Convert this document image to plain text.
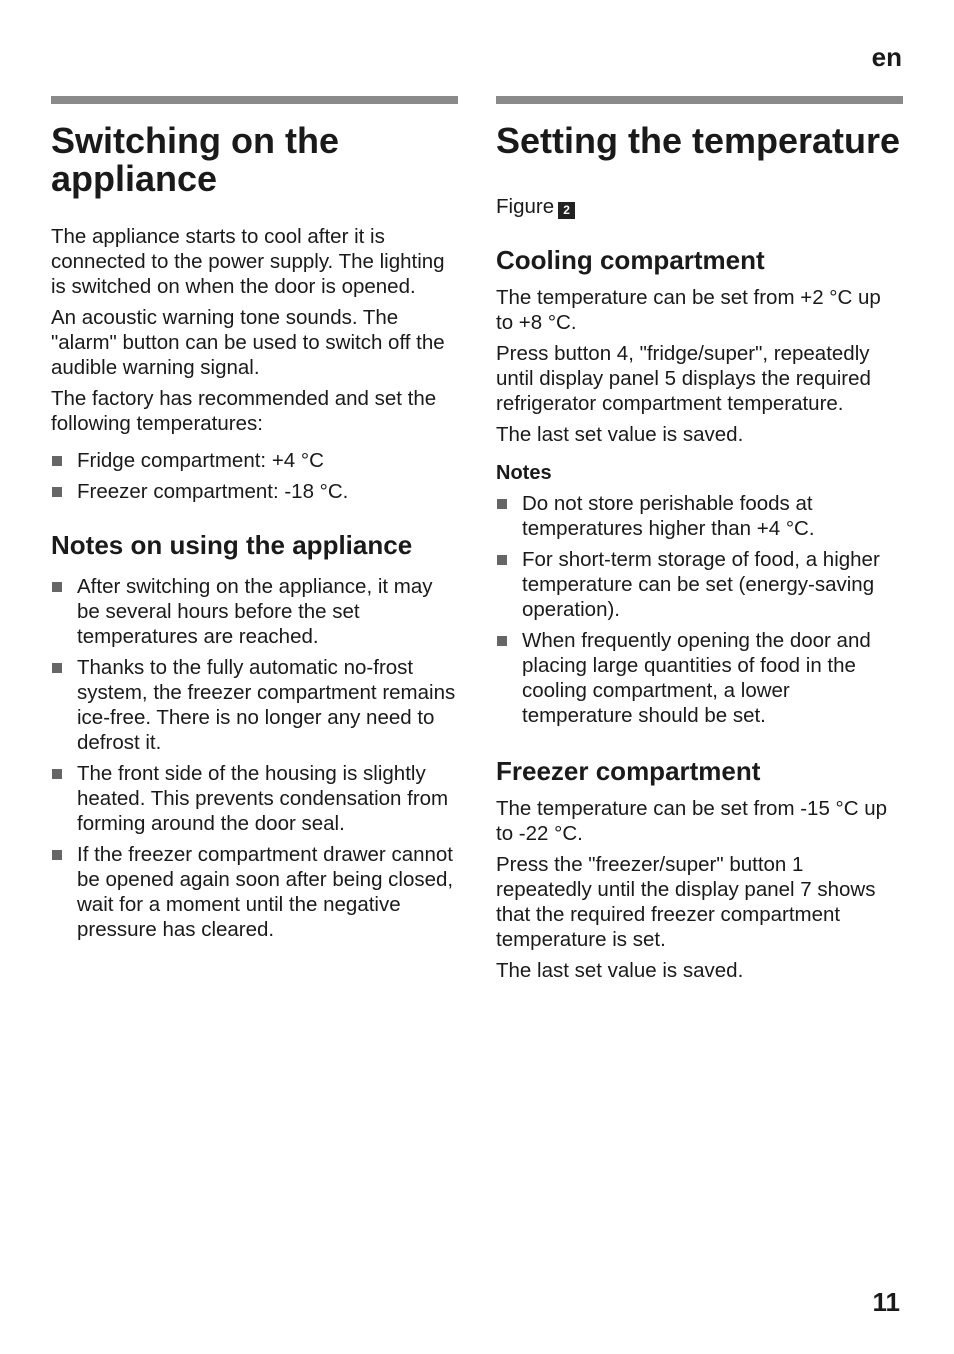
en
Switching on the appliance

The appliance starts to cool after it is connected to the power supply. The lighting is switched on when the door is opened.

An acoustic warning tone sounds. The "alarm" button can be used to switch off the audible warning signal.

The factory has recommended and set the following temperatures:

Fridge compartment: +4 °C
Freezer compartment: -18 °C.
Notes on using the appliance
After switching on the appliance, it may be several hours before the set temperatures are reached.
Thanks to the fully automatic no-frost system, the freezer compartment remains ice-free. There is no longer any need to defrost it.
The front side of the housing is slightly heated. This prevents condensation from forming around the door seal.
If the freezer compartment drawer cannot be opened again soon after being closed, wait for a moment until the negative pressure has cleared.
Setting the temperature

Figure 2

Cooling compartment

The temperature can be set from +2 °C up to +8 °C.

Press button 4, "fridge/super", repeatedly until display panel 5 displays the required refrigerator compartment temperature.

The last set value is saved.

Notes
Do not store perishable foods at temperatures higher than +4 °C.
For short-term storage of food, a higher temperature can be set (energy-saving operation).
When frequently opening the door and placing large quantities of food in the cooling compartment, a lower temperature should be set.
Freezer compartment

The temperature can be set from -15 °C up to -22 °C.

Press the "freezer/super" button 1 repeatedly until the display panel 7 shows that the required freezer compartment temperature is set.

The last set value is saved.

11
